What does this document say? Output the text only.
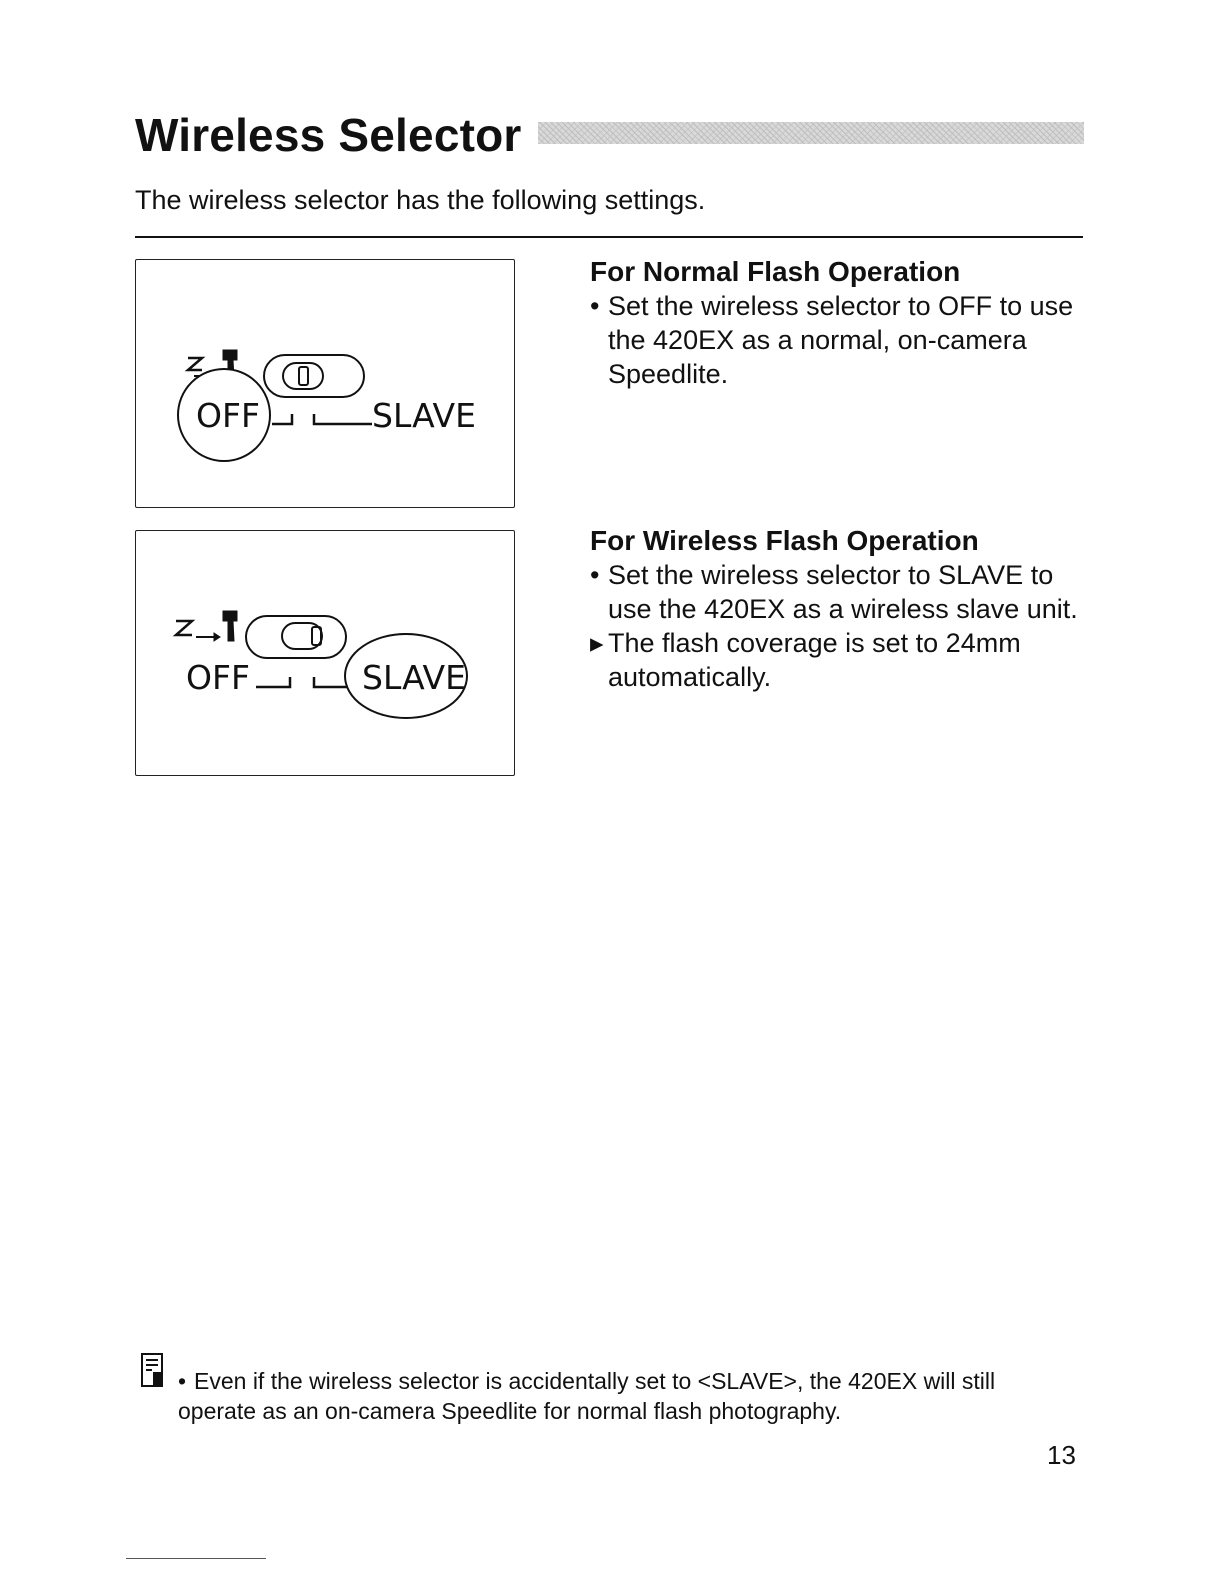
Wireless Selector
The wireless selector has the following settings.
OFF	SLAVE
OFF	SLAVE
For Normal Flash Operation
• Set the wireless selector to OFF to use the 420EX as a normal, on-camera Speedlite.
For Wireless Flash Operation
• Set the wireless selector to SLAVE to use the 420EX as a wireless slave unit.
▸ The flash coverage is set to 24mm automatically.
• Even if the wireless selector is accidentally set to <SLAVE>, the 420EX will still operate as an on-camera Speedlite for normal flash photography.
13
